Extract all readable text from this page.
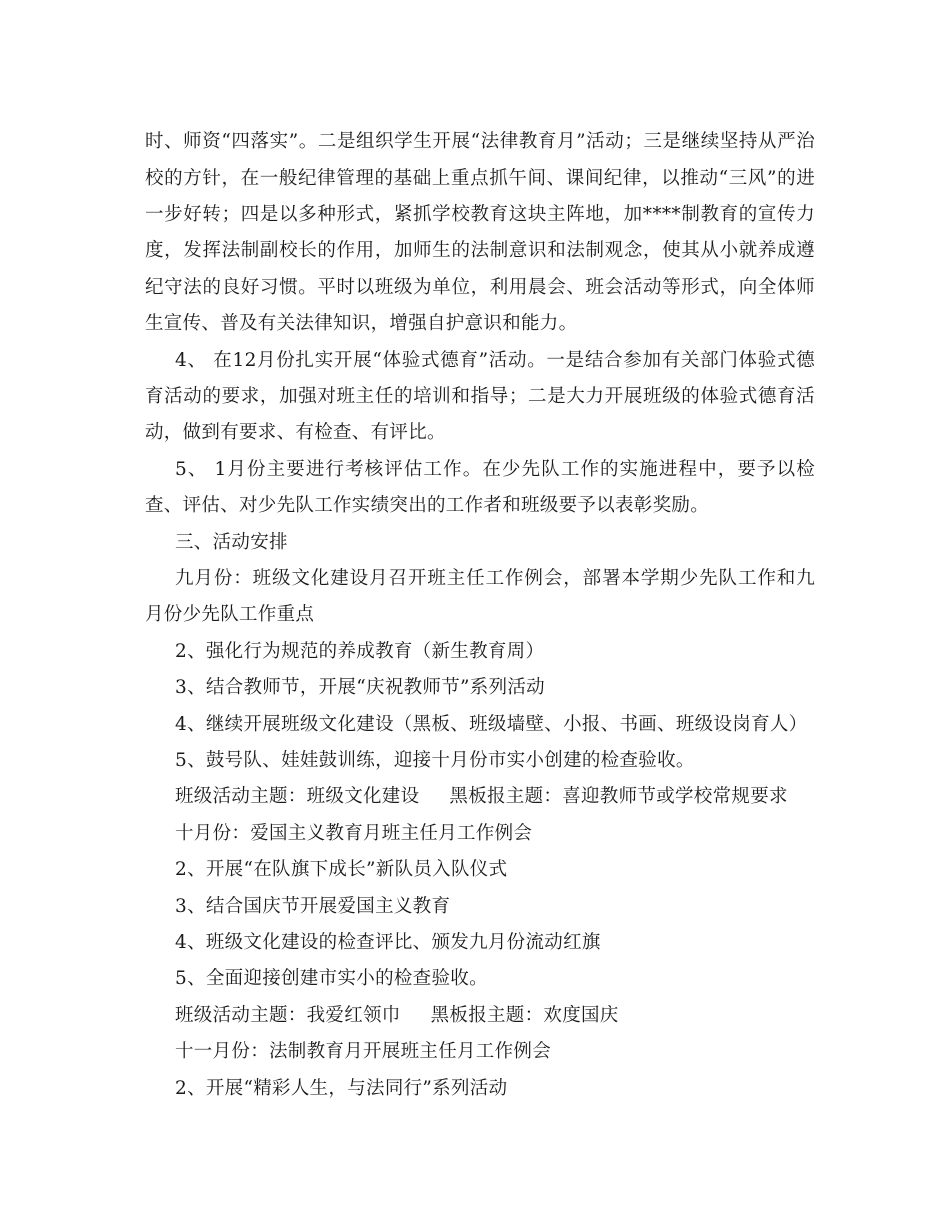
时、师资“四落实”。二是组织学生开展“法律教育月”活动；三是继续坚持从严治
校的方针，在一般纪律管理的基础上重点抓午间、课间纪律，以推动“三风”的进
一步好转；四是以多种形式，紧抓学校教育这块主阵地，加****制教育的宣传力
度，发挥法制副校长的作用，加师生的法制意识和法制观念，使其从小就养成遵
纪守法的良好习惯。平时以班级为单位，利用晨会、班会活动等形式，向全体师
生宣传、普及有关法律知识，增强自护意识和能力。
4、 在12月份扎实开展“体验式德育”活动。一是结合参加有关部门体验式德
育活动的要求，加强对班主任的培训和指导；二是大力开展班级的体验式德育活
动，做到有要求、有检查、有评比。
5、 1月份主要进行考核评估工作。在少先队工作的实施进程中，要予以检
查、评估、对少先队工作实绩突出的工作者和班级要予以表彰奖励。
三、活动安排
九月份：班级文化建设月召开班主任工作例会，部署本学期少先队工作和九
月份少先队工作重点
2、强化行为规范的养成教育（新生教育周）
3、结合教师节，开展“庆祝教师节”系列活动
4、继续开展班级文化建设（黑板、班级墙壁、小报、书画、班级设岗育人）
5、鼓号队、娃娃鼓训练，迎接十月份市实小创建的检查验收。
班级活动主题：班级文化建设 黑板报主题：喜迎教师节或学校常规要求
十月份：爱国主义教育月班主任月工作例会
2、开展“在队旗下成长”新队员入队仪式
3、结合国庆节开展爱国主义教育
4、班级文化建设的检查评比、颁发九月份流动红旗
5、全面迎接创建市实小的检查验收。
班级活动主题：我爱红领巾 黑板报主题：欢度国庆
十一月份：法制教育月开展班主任月工作例会
2、开展“精彩人生，与法同行”系列活动
